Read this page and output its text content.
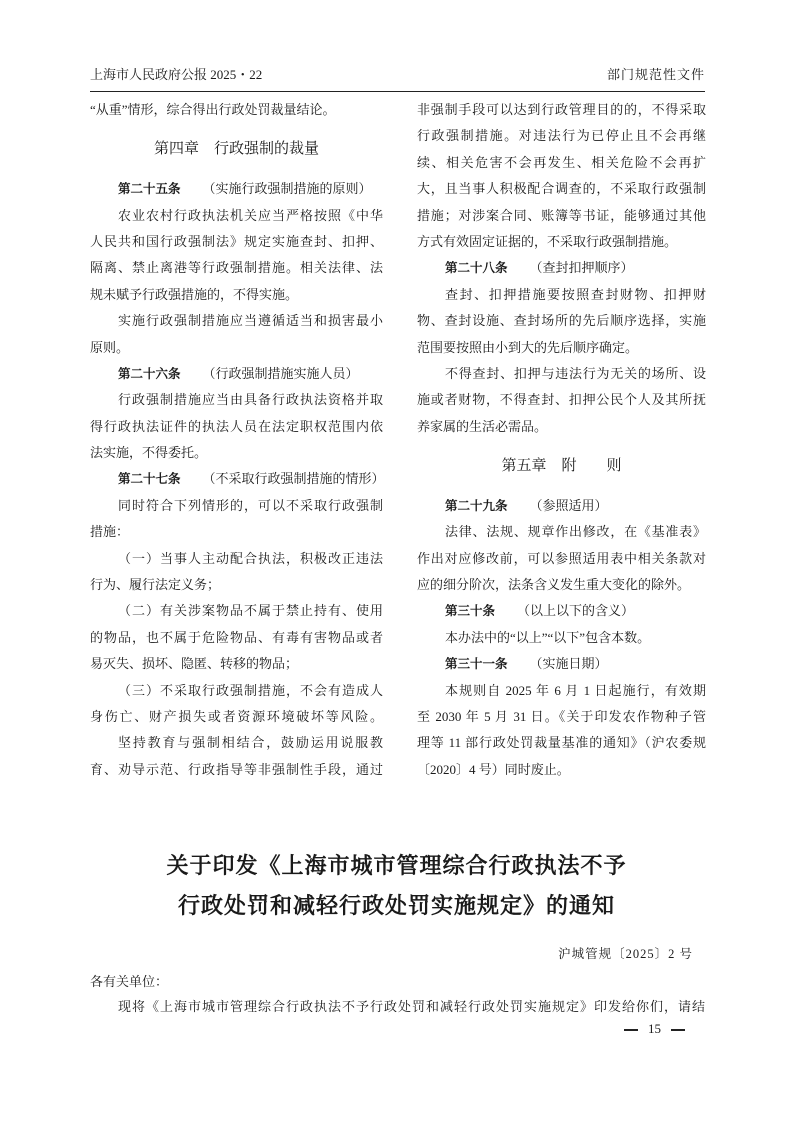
上海市人民政府公报 2025・22	部门规范性文件
“从重”情形，综合得出行政处罚裁量结论。
第四章　行政强制的裁量
第二十五条 （实施行政强制措施的原则）
农业农村行政执法机关应当严格按照《中华
人民共和国行政强制法》规定实施查封、扣押、
隔离、禁止离港等行政强制措施。相关法律、法
规未赋予行政强措施的，不得实施。
实施行政强制措施应当遵循适当和损害最小
原则。
第二十六条 （行政强制措施实施人员）
行政强制措施应当由具备行政执法资格并取
得行政执法证件的执法人员在法定职权范围内依
法实施，不得委托。
第二十七条 （不采取行政强制措施的情形）
同时符合下列情形的，可以不采取行政强制
措施：
（一）当事人主动配合执法，积极改正违法
行为、履行法定义务；
（二）有关涉案物品不属于禁止持有、使用
的物品，也不属于危险物品、有毒有害物品或者
易灭失、损坏、隐匿、转移的物品；
（三）不采取行政强制措施，不会有造成人
身伤亡、财产损失或者资源环境破坏等风险。
坚持教育与强制相结合，鼓励运用说服教
育、劝导示范、行政指导等非强制性手段，通过
非强制手段可以达到行政管理目的的，不得采取
行政强制措施。对违法行为已停止且不会再继
续、相关危害不会再发生、相关危险不会再扩
大，且当事人积极配合调查的，不采取行政强制
措施；对涉案合同、账簿等书证，能够通过其他
方式有效固定证据的，不采取行政强制措施。
第二十八条 （查封扣押顺序）
查封、扣押措施要按照查封财物、扣押财
物、查封设施、查封场所的先后顺序选择，实施
范围要按照由小到大的先后顺序确定。
不得查封、扣押与违法行为无关的场所、设
施或者财物，不得查封、扣押公民个人及其所抚
养家属的生活必需品。
第五章　附　　则
第二十九条 （参照适用）
法律、法规、规章作出修改，在《基准表》
作出对应修改前，可以参照适用表中相关条款对
应的细分阶次，法条含义发生重大变化的除外。
第三十条 （以上以下的含义）
本办法中的“以上”“以下”包含本数。
第三十一条 （实施日期）
本规则自 2025 年 6 月 1 日起施行，有效期
至 2030 年 5 月 31 日。《关于印发农作物种子管
理等 11 部行政处罚裁量基准的通知》（沪农委规
〔2020〕4 号）同时废止。
关于印发《上海市城市管理综合行政执法不予
行政处罚和减轻行政处罚实施规定》的通知
沪城管规〔2025〕2 号
各有关单位：
现将《上海市城市管理综合行政执法不予行政处罚和减轻行政处罚实施规定》印发给你们，请结
15
